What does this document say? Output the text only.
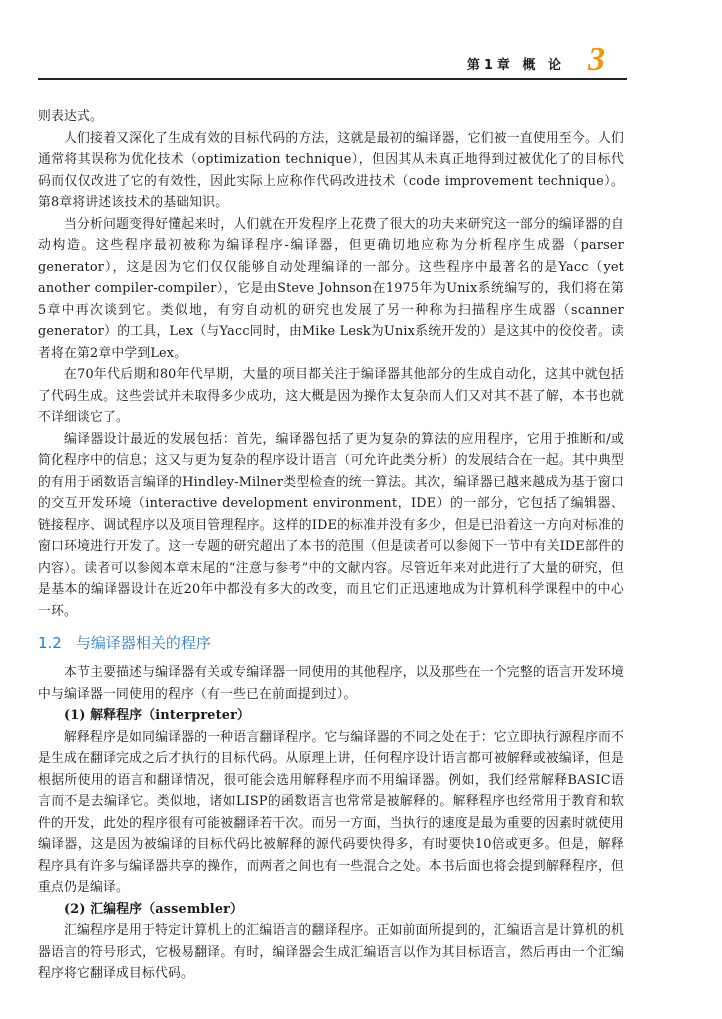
第1章 概 论 3

则表达式。

人们接着又深化了生成有效的目标代码的方法，这就是最初的编译器，它们被一直使用至今。人们通常将其误称为优化技术（optimization technique），但因其从未真正地得到过被优化了的目标代码而仅仅改进了它的有效性，因此实际上应称作代码改进技术（code improvement technique）。第8章将讲述该技术的基础知识。

当分析问题变得好懂起来时，人们就在开发程序上花费了很大的功夫来研究这一部分的编译器的自动构造。这些程序最初被称为编译程序-编译器，但更确切地应称为分析程序生成器（parser generator），这是因为它们仅仅能够自动处理编译的一部分。这些程序中最著名的是Yacc（yet another compiler-compiler），它是由Steve Johnson在1975年为Unix系统编写的，我们将在第5章中再次谈到它。类似地，有穷自动机的研究也发展了另一种称为扫描程序生成器（scanner generator）的工具，Lex（与Yacc同时，由Mike Lesk为Unix系统开发的）是这其中的佼佼者。读者将在第2章中学到Lex。

在70年代后期和80年代早期，大量的项目都关注于编译器其他部分的生成自动化，这其中就包括了代码生成。这些尝试并未取得多少成功，这大概是因为操作太复杂而人们又对其不甚了解，本书也就不详细谈它了。

编译器设计最近的发展包括：首先，编译器包括了更为复杂的算法的应用程序，它用于推断和/或简化程序中的信息；这又与更为复杂的程序设计语言（可允许此类分析）的发展结合在一起。其中典型的有用于函数语言编译的Hindley-Milner类型检查的统一算法。其次，编译器已越来越成为基于窗口的交互开发环境（interactive development environment，IDE）的一部分，它包括了编辑器、链接程序、调试程序以及项目管理程序。这样的IDE的标准并没有多少，但是已沿着这一方向对标准的窗口环境进行开发了。这一专题的研究超出了本书的范围（但是读者可以参阅下一节中有关IDE部件的内容）。读者可以参阅本章末尾的“注意与参考”中的文献内容。尽管近年来对此进行了大量的研究，但是基本的编译器设计在近20年中都没有多大的改变，而且它们正迅速地成为计算机科学课程中的中心一环。

1.2 与编译器相关的程序

本节主要描述与编译器有关或专编译器一同使用的其他程序，以及那些在一个完整的语言开发环境中与编译器一同使用的程序（有一些已在前面提到过）。

(1) 解释程序（interpreter）

解释程序是如同编译器的一种语言翻译程序。它与编译器的不同之处在于：它立即执行源程序而不是生成在翻译完成之后才执行的目标代码。从原理上讲，任何程序设计语言都可被解释或被编译，但是根据所使用的语言和翻译情况，很可能会选用解释程序而不用编译器。例如，我们经常解释BASIC语言而不是去编译它。类似地，诸如LISP的函数语言也常常是被解释的。解释程序也经常用于教育和软件的开发，此处的程序很有可能被翻译若干次。而另一方面，当执行的速度是最为重要的因素时就使用编译器，这是因为被编译的目标代码比被解释的源代码要快得多，有时要快10倍或更多。但是，解释程序具有许多与编译器共享的操作，而两者之间也有一些混合之处。本书后面也将会提到解释程序，但重点仍是编译。

(2) 汇编程序（assembler）

汇编程序是用于特定计算机上的汇编语言的翻译程序。正如前面所提到的，汇编语言是计算机的机器语言的符号形式，它极易翻译。有时，编译器会生成汇编语言以作为其目标语言，然后再由一个汇编程序将它翻译成目标代码。
